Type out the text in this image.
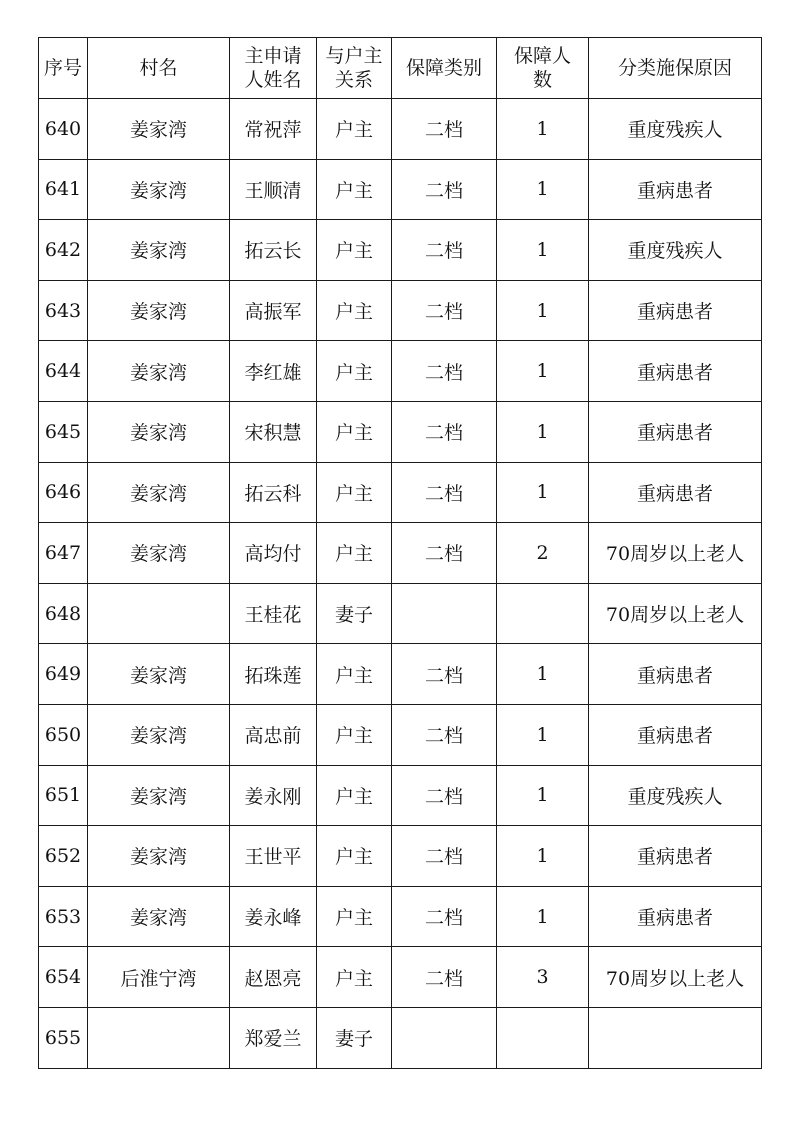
序号	村名	主申请人姓名	与户主关系	保障类别	保障人数	分类施保原因
640	姜家湾	常祝萍	户主	二档	1	重度残疾人
641	姜家湾	王顺清	户主	二档	1	重病患者
642	姜家湾	拓云长	户主	二档	1	重度残疾人
643	姜家湾	高振军	户主	二档	1	重病患者
644	姜家湾	李红雄	户主	二档	1	重病患者
645	姜家湾	宋积慧	户主	二档	1	重病患者
646	姜家湾	拓云科	户主	二档	1	重病患者
647	姜家湾	高均付	户主	二档	2	70周岁以上老人
648		王桂花	妻子			70周岁以上老人
649	姜家湾	拓珠莲	户主	二档	1	重病患者
650	姜家湾	高忠前	户主	二档	1	重病患者
651	姜家湾	姜永刚	户主	二档	1	重度残疾人
652	姜家湾	王世平	户主	二档	1	重病患者
653	姜家湾	姜永峰	户主	二档	1	重病患者
654	后淮宁湾	赵恩亮	户主	二档	3	70周岁以上老人
655		郑爱兰	妻子			
